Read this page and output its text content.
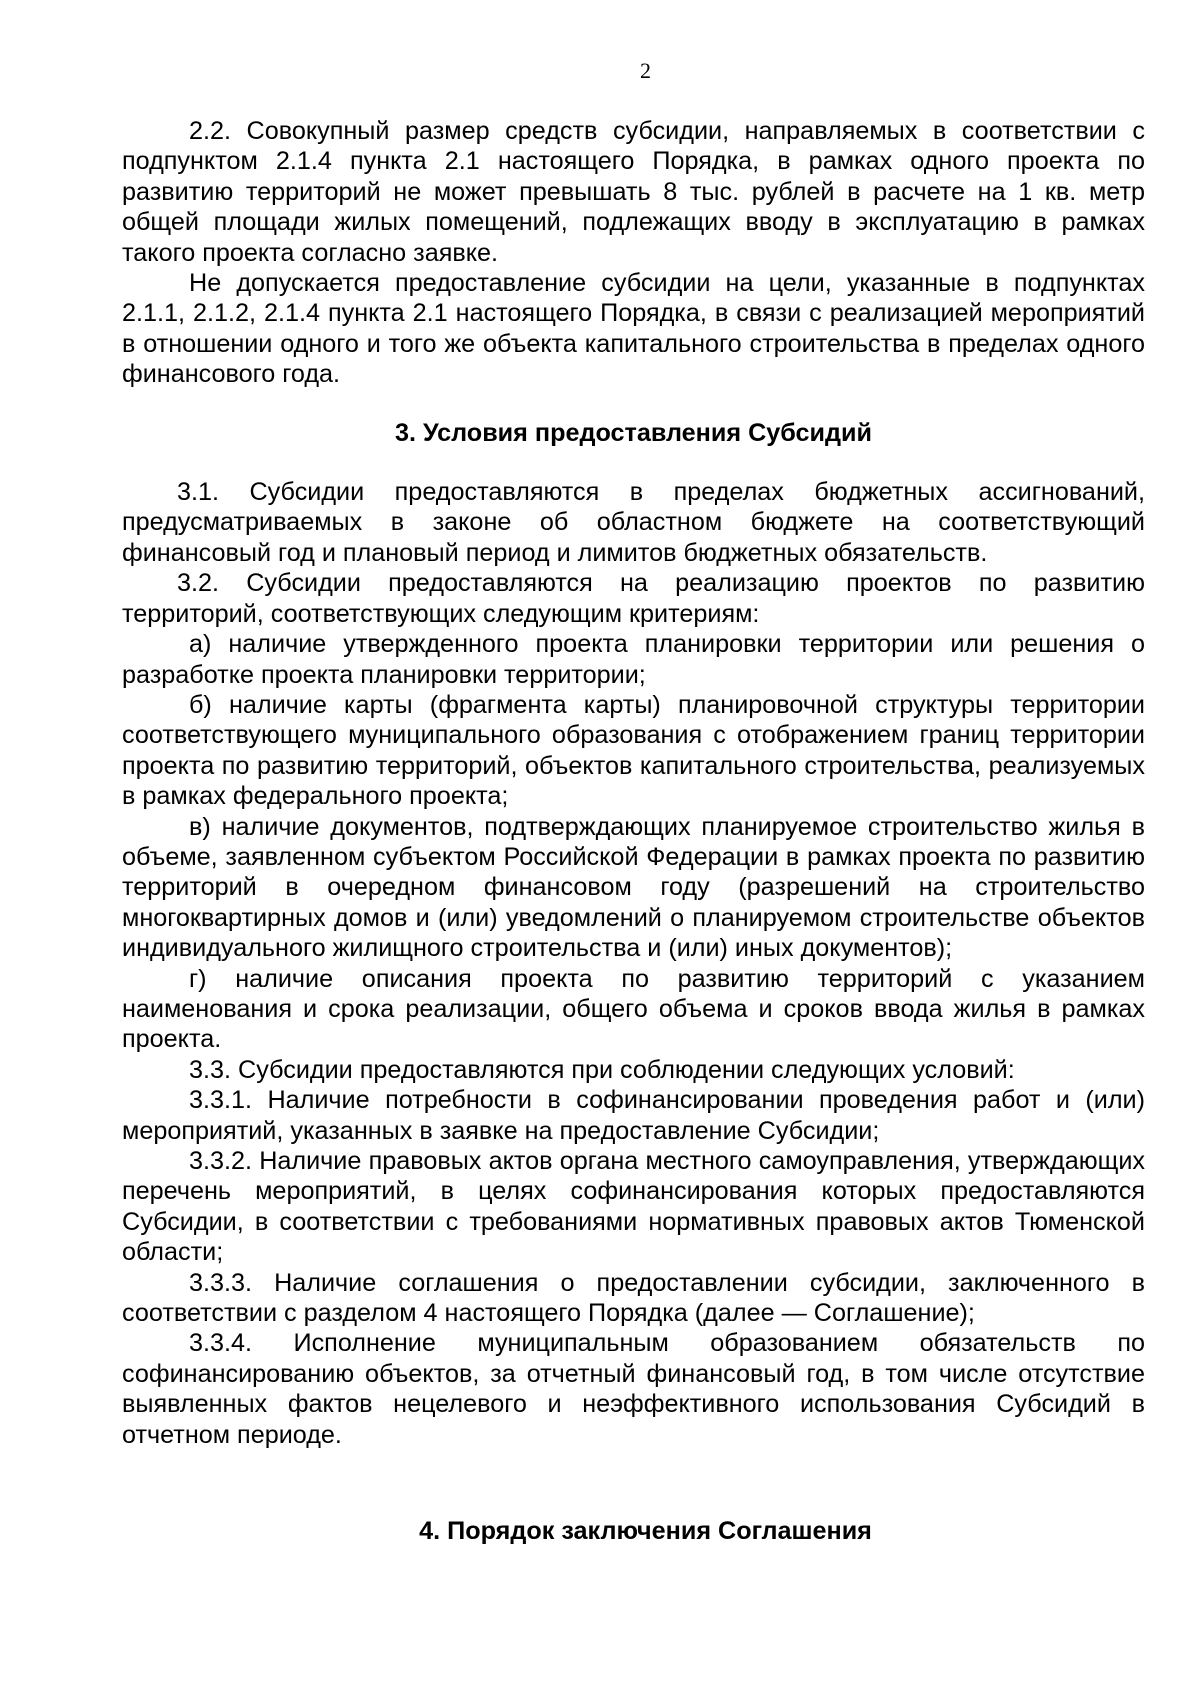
2

2.2. Совокупный размер средств субсидии, направляемых в соответствии с подпунктом 2.1.4 пункта 2.1 настоящего Порядка, в рамках одного проекта по развитию территорий не может превышать 8 тыс. рублей в расчете на 1 кв. метр общей площади жилых помещений, подлежащих вводу в эксплуатацию в рамках такого проекта согласно заявке.

Не допускается предоставление субсидии на цели, указанные в подпунктах 2.1.1, 2.1.2, 2.1.4 пункта 2.1 настоящего Порядка, в связи с реализацией мероприятий в отношении одного и того же объекта капитального строительства в пределах одного финансового года.

3. Условия предоставления Субсидий

3.1. Субсидии предоставляются в пределах бюджетных ассигнований, предусматриваемых в законе об областном бюджете на соответствующий финансовый год и плановый период и лимитов бюджетных обязательств.

3.2. Субсидии предоставляются на реализацию проектов по развитию территорий, соответствующих следующим критериям:

а) наличие утвержденного проекта планировки территории или решения о разработке проекта планировки территории;

б) наличие карты (фрагмента карты) планировочной структуры территории соответствующего муниципального образования с отображением границ территории проекта по развитию территорий, объектов капитального строительства, реализуемых в рамках федерального проекта;

в) наличие документов, подтверждающих планируемое строительство жилья в объеме, заявленном субъектом Российской Федерации в рамках проекта по развитию территорий в очередном финансовом году (разрешений на строительство многоквартирных домов и (или) уведомлений о планируемом строительстве объектов индивидуального жилищного строительства и (или) иных документов);

г) наличие описания проекта по развитию территорий с указанием наименования и срока реализации, общего объема и сроков ввода жилья в рамках проекта.

3.3. Субсидии предоставляются при соблюдении следующих условий:

3.3.1. Наличие потребности в софинансировании проведения работ и (или) мероприятий, указанных в заявке на предоставление Субсидии;

3.3.2. Наличие правовых актов органа местного самоуправления, утверждающих перечень мероприятий, в целях софинансирования которых предоставляются Субсидии, в соответствии с требованиями нормативных правовых актов Тюменской области;

3.3.3. Наличие соглашения о предоставлении субсидии, заключенного в соответствии с разделом 4 настоящего Порядка (далее — Соглашение);

3.3.4. Исполнение муниципальным образованием обязательств по софинансированию объектов, за отчетный финансовый год, в том числе отсутствие выявленных фактов нецелевого и неэффективного использования Субсидий в отчетном периоде.

4. Порядок заключения Соглашения
